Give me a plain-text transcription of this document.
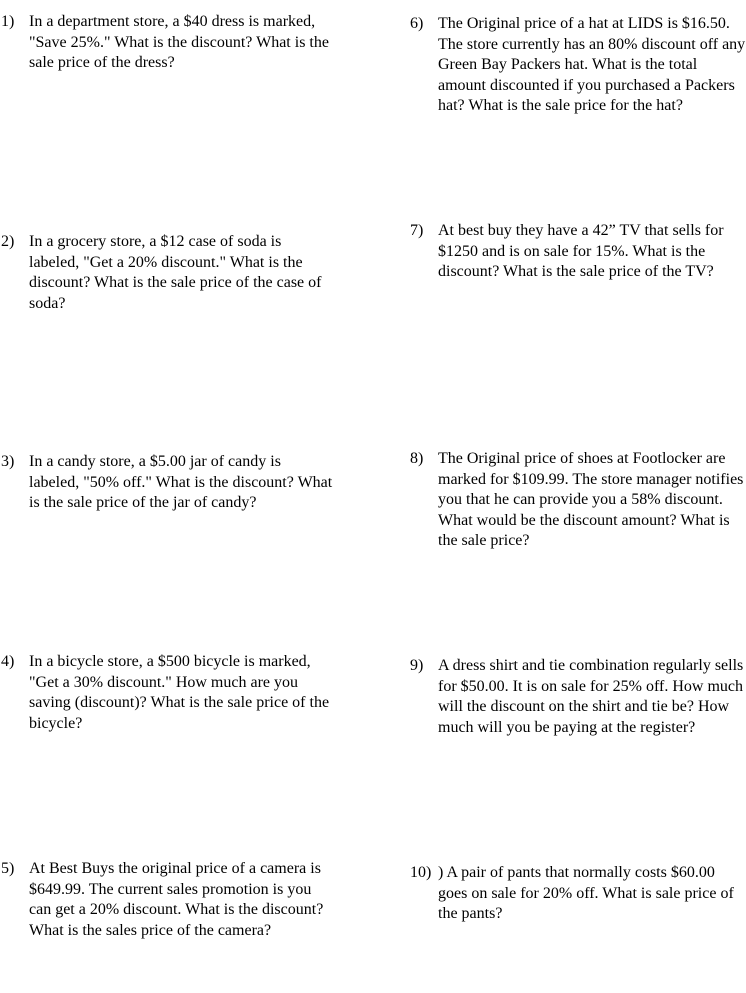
1) In a department store, a $40 dress is marked, "Save 25%." What is the discount? What is the sale price of the dress?
2) In a grocery store, a $12 case of soda is labeled, "Get a 20% discount." What is the discount? What is the sale price of the case of soda?
3) In a candy store, a $5.00 jar of candy is labeled, "50% off." What is the discount? What is the sale price of the jar of candy?
4) In a bicycle store, a $500 bicycle is marked, "Get a 30% discount." How much are you saving (discount)? What is the sale price of the bicycle?
5) At Best Buys the original price of a camera is $649.99. The current sales promotion is you can get a 20% discount. What is the discount? What is the sales price of the camera?
6) The Original price of a hat at LIDS is $16.50. The store currently has an 80% discount off any Green Bay Packers hat. What is the total amount discounted if you purchased a Packers hat? What is the sale price for the hat?
7) At best buy they have a 42” TV that sells for $1250 and is on sale for 15%. What is the discount? What is the sale price of the TV?
8) The Original price of shoes at Footlocker are marked for $109.99. The store manager notifies you that he can provide you a 58% discount. What would be the discount amount? What is the sale price?
9) A dress shirt and tie combination regularly sells for $50.00. It is on sale for 25% off. How much will the discount on the shirt and tie be? How much will you be paying at the register?
10) ) A pair of pants that normally costs $60.00 goes on sale for 20% off. What is sale price of the pants?
